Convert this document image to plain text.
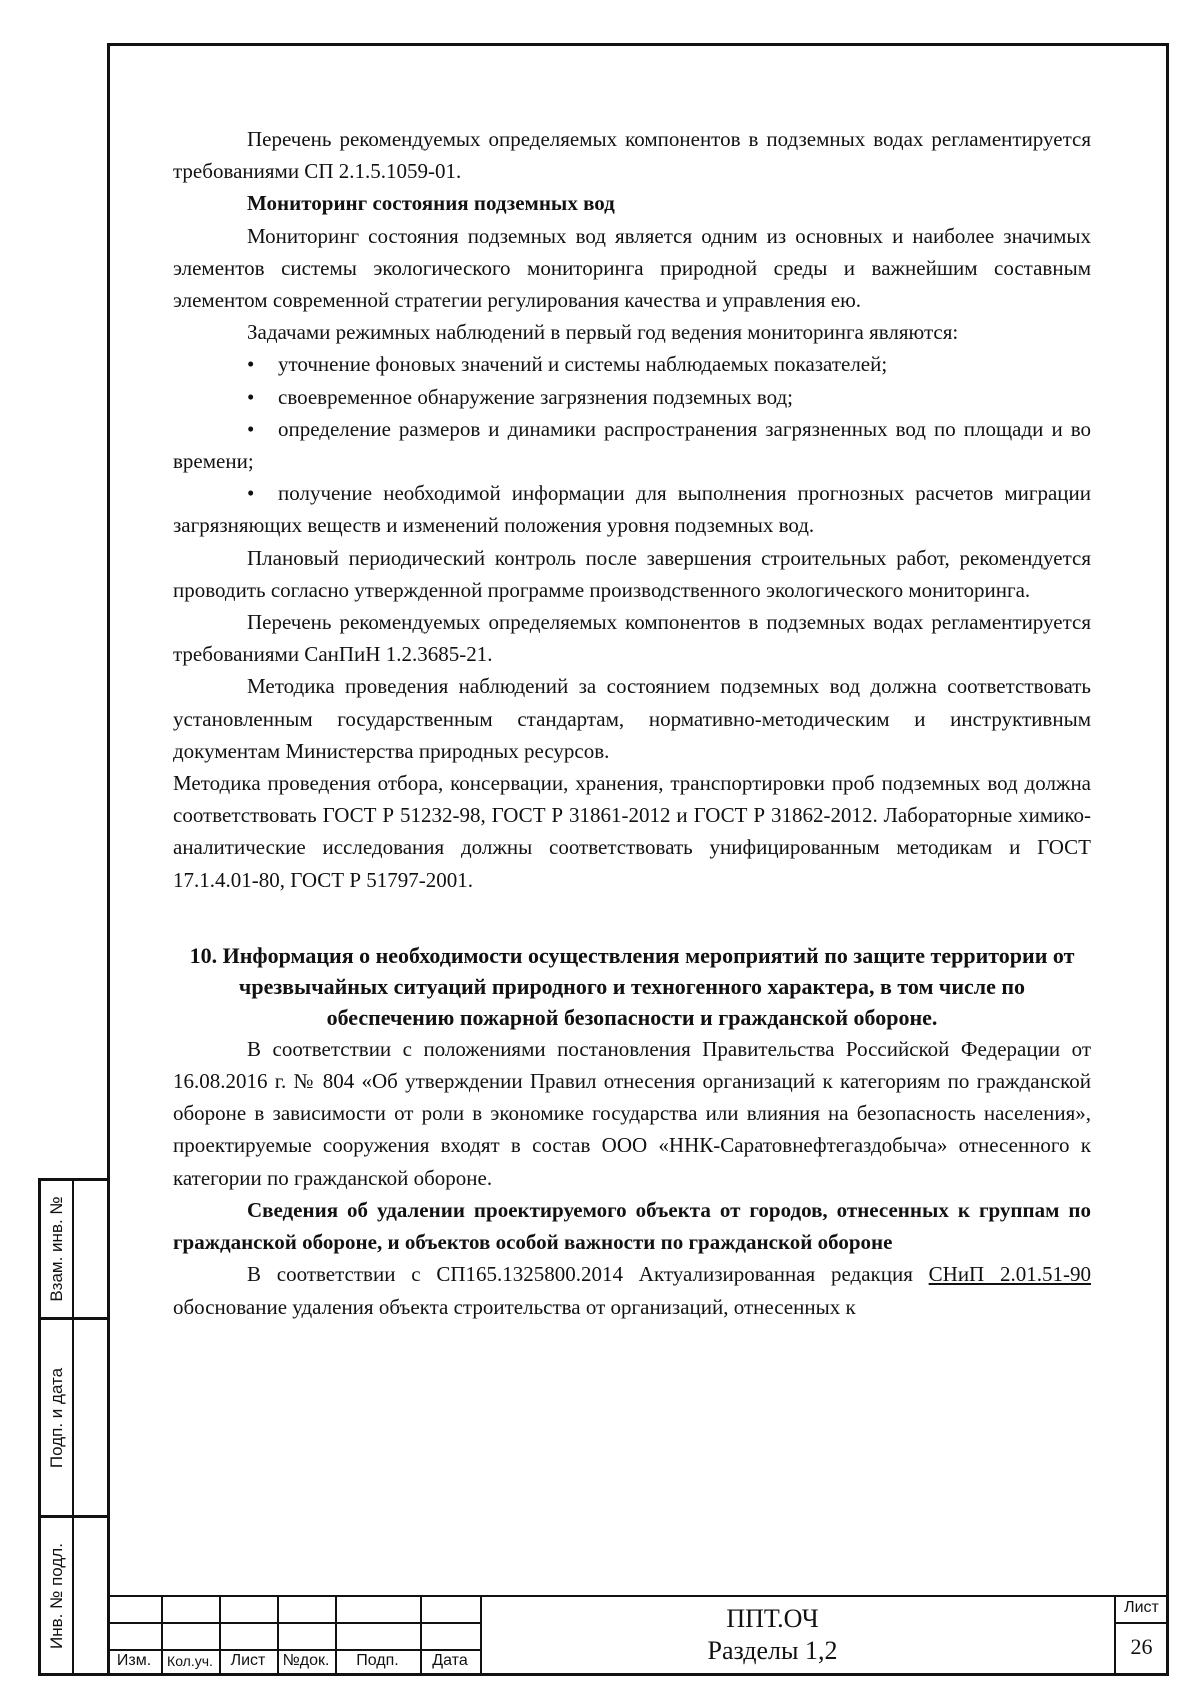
Перечень рекомендуемых определяемых компонентов в подземных водах регламентируется требованиями СП 2.1.5.1059-01.

Мониторинг состояния подземных вод

Мониторинг состояния подземных вод является одним из основных и наиболее значимых элементов системы экологического мониторинга природной среды и важнейшим составным элементом современной стратегии регулирования качества и управления ею.

Задачами режимных наблюдений в первый год ведения мониторинга являются:

• уточнение фоновых значений и системы наблюдаемых показателей;

• своевременное обнаружение загрязнения подземных вод;

• определение размеров и динамики распространения загрязненных вод по площади и во времени;

• получение необходимой информации для выполнения прогнозных расчетов миграции загрязняющих веществ и изменений положения уровня подземных вод.

Плановый периодический контроль после завершения строительных работ, рекомендуется проводить согласно утвержденной программе производственного экологического мониторинга.

Перечень рекомендуемых определяемых компонентов в подземных водах регламентируется требованиями СанПиН 1.2.3685-21.

Методика проведения наблюдений за состоянием подземных вод должна соответствовать установленным государственным стандартам, нормативно-методическим и инструктивным документам Министерства природных ресурсов.

Методика проведения отбора, консервации, хранения, транспортировки проб подземных вод должна соответствовать ГОСТ Р 51232-98, ГОСТ Р 31861-2012 и ГОСТ Р 31862-2012. Лабораторные химико-аналитические исследования должны соответствовать унифицированным методикам и ГОСТ 17.1.4.01-80, ГОСТ Р 51797-2001.

10. Информация о необходимости осуществления мероприятий по защите территории от чрезвычайных ситуаций природного и техногенного характера, в том числе по обеспечению пожарной безопасности и гражданской обороне.

В соответствии с положениями постановления Правительства Российской Федерации от 16.08.2016 г. № 804 «Об утверждении Правил отнесения организаций к категориям по гражданской обороне в зависимости от роли в экономике государства или влияния на безопасность населения», проектируемые сооружения входят в состав ООО «ННК-Саратовнефтегаздобыча» отнесенного к категории по гражданской обороне.

Сведения об удалении проектируемого объекта от городов, отнесенных к группам по гражданской обороне, и объектов особой важности по гражданской обороне

В соответствии с СП165.1325800.2014 Актуализированная редакция СНиП 2.01.51-90 обоснование удаления объекта строительства от организаций, отнесенных к

Взам. инв. №
Подп. и дата
Инв. № подл.
Изм.	Кол.уч.	Лист	№док.	Подп.	Дата
ППТ.ОЧ
Разделы 1,2
Лист
26
